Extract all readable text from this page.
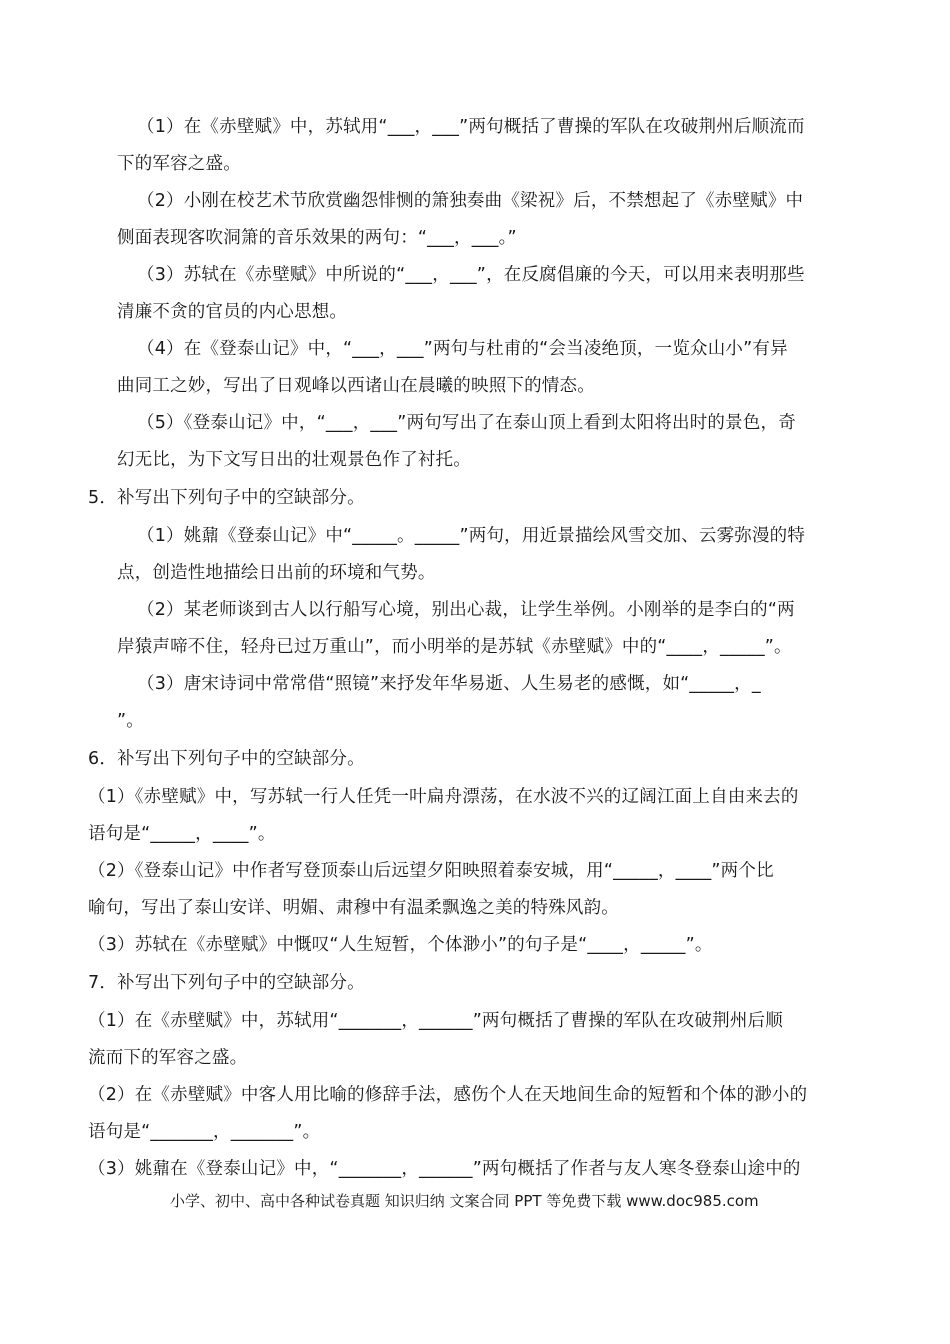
（1）在《赤壁赋》中，苏轼用“___，___”两句概括了曹操的军队在攻破荆州后顺流而
下的军容之盛。
（2）小刚在校艺术节欣赏幽怨悱恻的箫独奏曲《梁祝》后，不禁想起了《赤壁赋》中
侧面表现客吹洞箫的音乐效果的两句：“___，___。”
（3）苏轼在《赤壁赋》中所说的“___，___”，在反腐倡廉的今天，可以用来表明那些
清廉不贪的官员的内心思想。
（4）在《登泰山记》中，“___，___”两句与杜甫的“会当凌绝顶，一览众山小”有异
曲同工之妙，写出了日观峰以西诸山在晨曦的映照下的情态。
（5）《登泰山记》中，“___，___”两句写出了在泰山顶上看到太阳将出时的景色，奇
幻无比，为下文写日出的壮观景色作了衬托。
5．补写出下列句子中的空缺部分。
（1）姚鼐《登泰山记》中“_____。_____”两句，用近景描绘风雪交加、云雾弥漫的特
点，创造性地描绘日出前的环境和气势。
（2）某老师谈到古人以行船写心境，别出心裁，让学生举例。小刚举的是李白的“两
岸猿声啼不住，轻舟已过万重山”，而小明举的是苏轼《赤壁赋》中的“____，_____”。
（3）唐宋诗词中常常借“照镜”来抒发年华易逝、人生易老的感慨，如“_____，_
”。
6．补写出下列句子中的空缺部分。
（1）《赤壁赋》中，写苏轼一行人任凭一叶扁舟漂荡，在水波不兴的辽阔江面上自由来去的
语句是“_____，____”。
（2）《登泰山记》中作者写登顶泰山后远望夕阳映照着泰安城，用“_____，____”两个比
喻句，写出了泰山安详、明媚、肃穆中有温柔飘逸之美的特殊风韵。
（3）苏轼在《赤壁赋》中慨叹“人生短暂，个体渺小”的句子是“____，_____”。
7．补写出下列句子中的空缺部分。
（1）在《赤壁赋》中，苏轼用“_______，______”两句概括了曹操的军队在攻破荆州后顺
流而下的军容之盛。
（2）在《赤壁赋》中客人用比喻的修辞手法，感伤个人在天地间生命的短暂和个体的渺小的
语句是“_______，_______”。
（3）姚鼐在《登泰山记》中，“_______，______”两句概括了作者与友人寒冬登泰山途中的
小学、初中、高中各种试卷真题 知识归纳 文案合同 PPT 等免费下载 www.doc985.com
